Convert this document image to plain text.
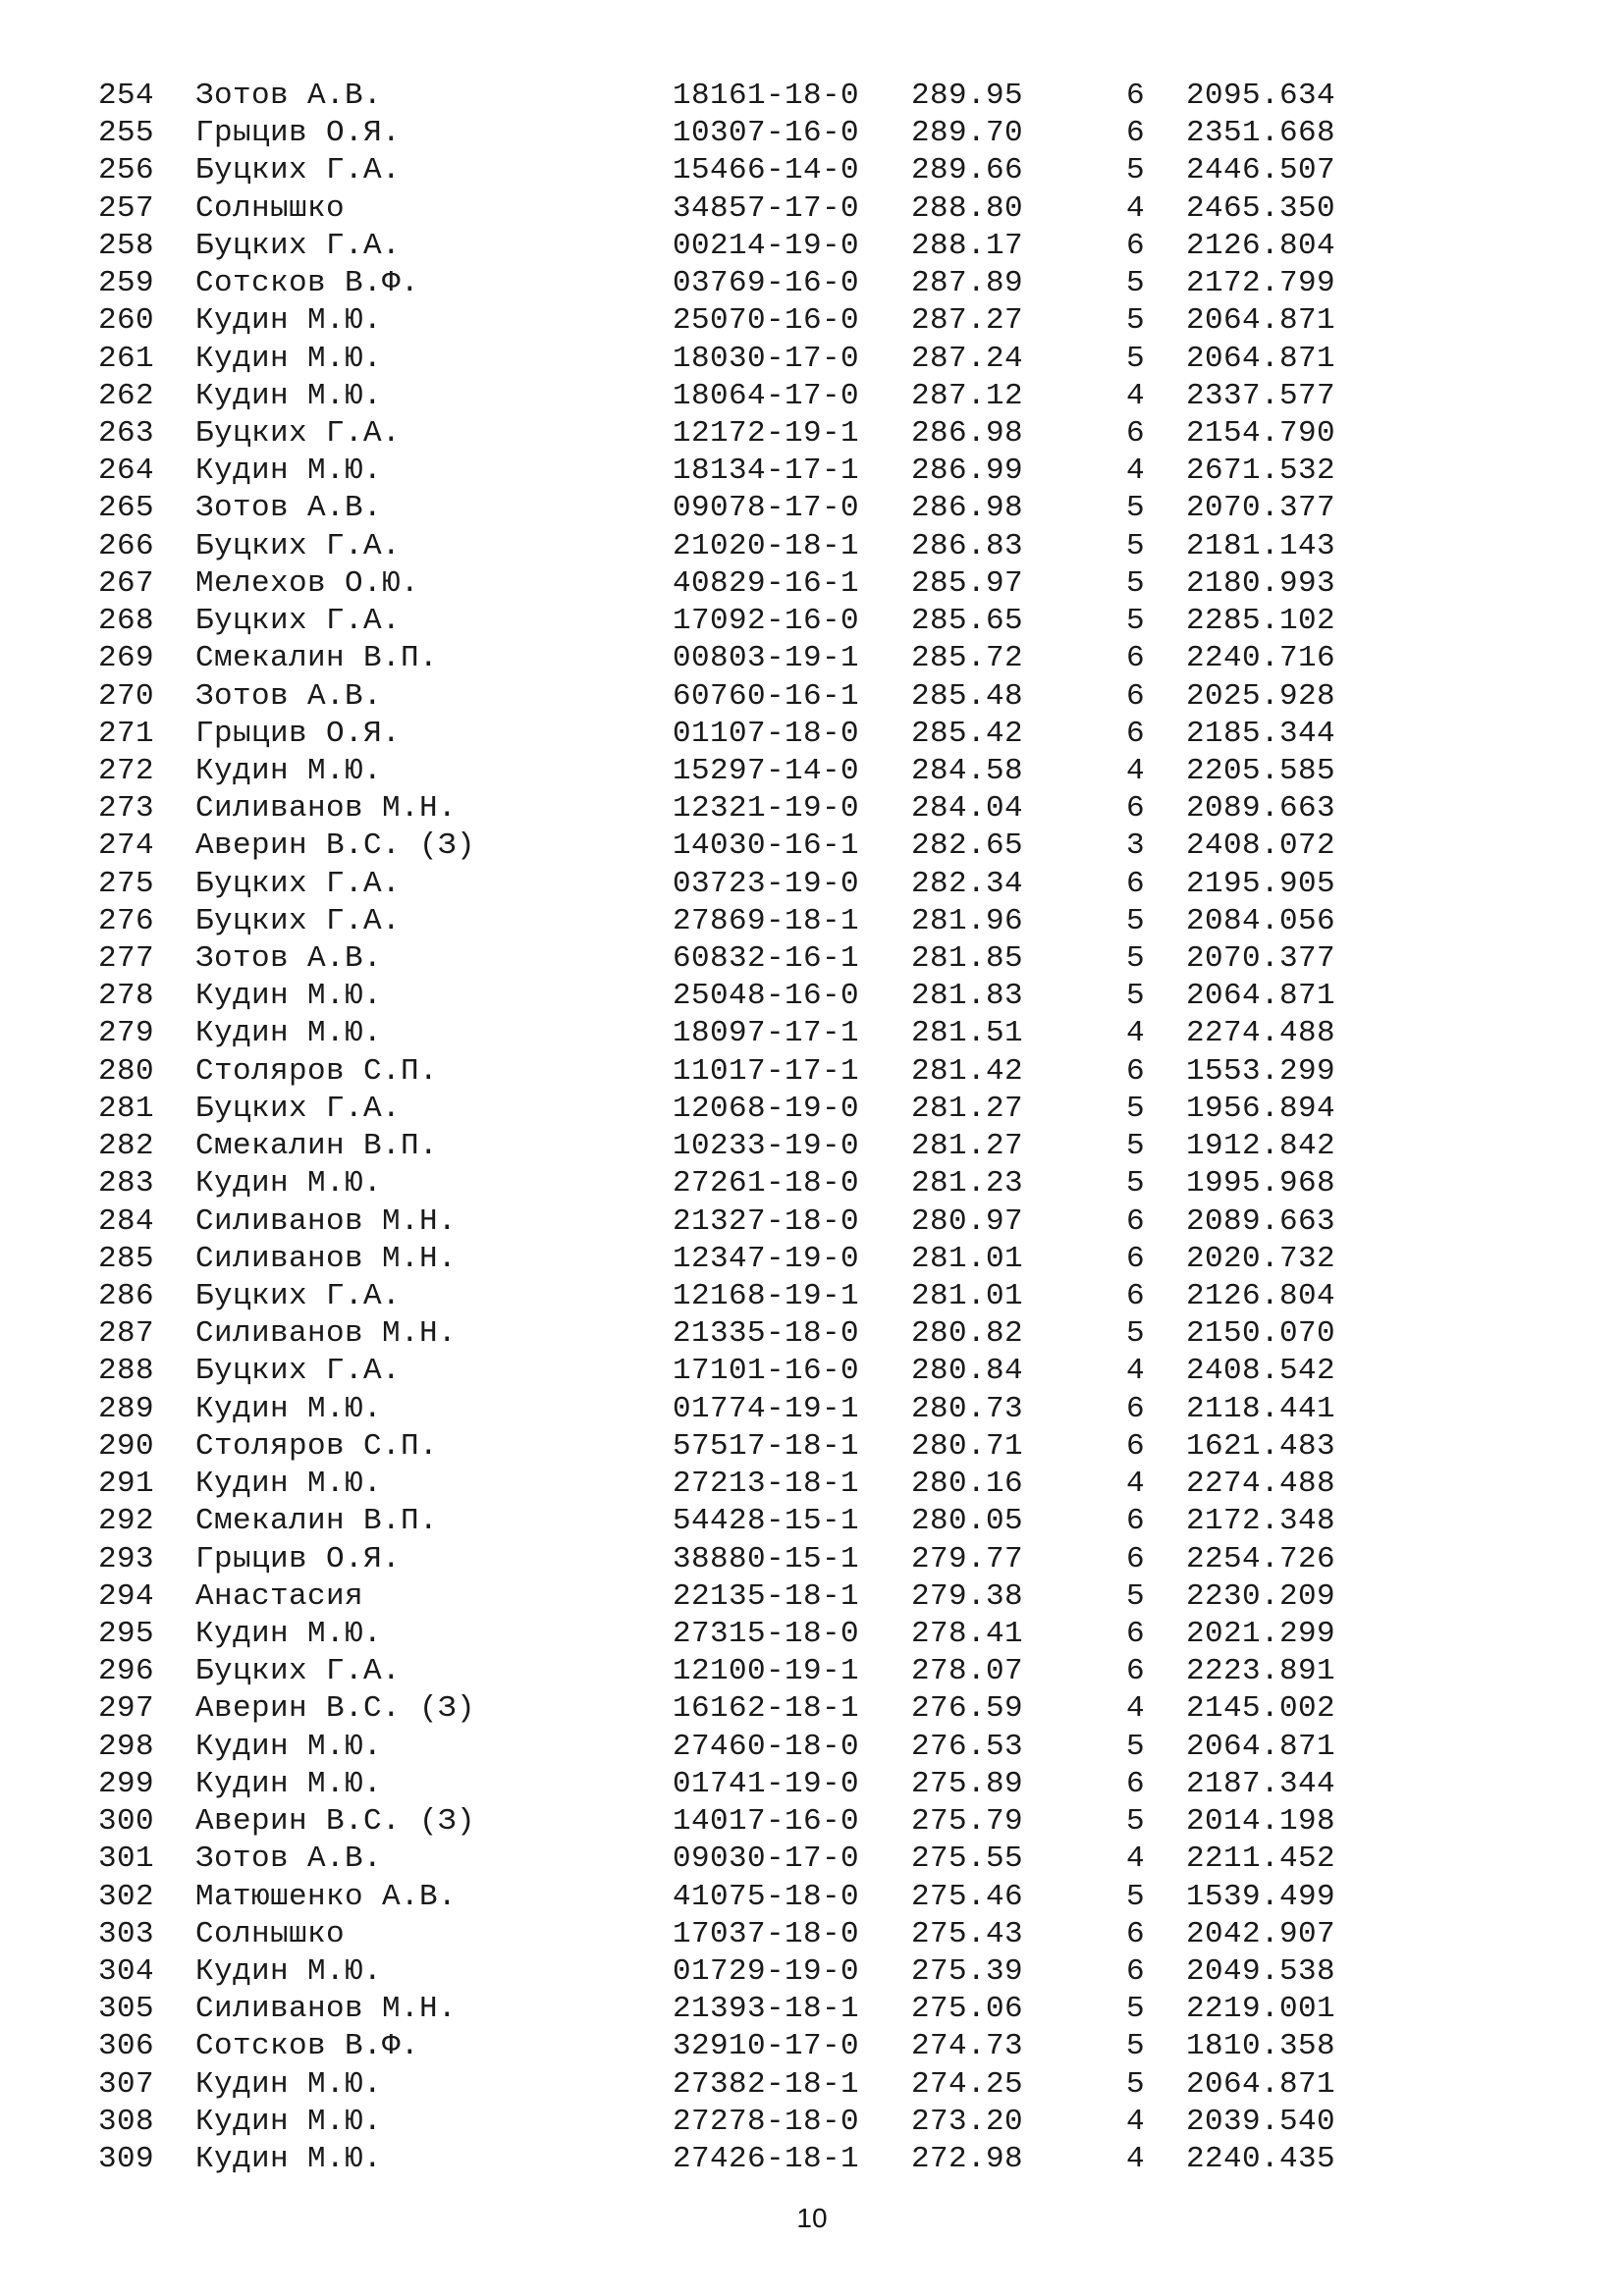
254 Зотов А.В.	18161-18-0 289.95	6 2095.634
255 Грыцив О.Я.	10307-16-0 289.70	6 2351.668
256 Буцких Г.А.	15466-14-0 289.66	5 2446.507
257 Солнышко	34857-17-0 288.80	4 2465.350
258 Буцких Г.А.	00214-19-0 288.17	6 2126.804
259 Сотсков В.Ф.	03769-16-0 287.89	5 2172.799
260 Кудин М.Ю.	25070-16-0 287.27	5 2064.871
261 Кудин М.Ю.	18030-17-0 287.24	5 2064.871
262 Кудин М.Ю.	18064-17-0 287.12	4 2337.577
263 Буцких Г.А.	12172-19-1 286.98	6 2154.790
264 Кудин М.Ю.	18134-17-1 286.99	4 2671.532
265 Зотов А.В.	09078-17-0 286.98	5 2070.377
266 Буцких Г.А.	21020-18-1 286.83	5 2181.143
267 Мелехов О.Ю.	40829-16-1 285.97	5 2180.993
268 Буцких Г.А.	17092-16-0 285.65	5 2285.102
269 Смекалин В.П.	00803-19-1 285.72	6 2240.716
270 Зотов А.В.	60760-16-1 285.48	6 2025.928
271 Грыцив О.Я.	01107-18-0 285.42	6 2185.344
272 Кудин М.Ю.	15297-14-0 284.58	4 2205.585
273 Силиванов М.Н.	12321-19-0 284.04	6 2089.663
274 Аверин В.С. (З)	14030-16-1 282.65	3 2408.072
275 Буцких Г.А.	03723-19-0 282.34	6 2195.905
276 Буцких Г.А.	27869-18-1 281.96	5 2084.056
277 Зотов А.В.	60832-16-1 281.85	5 2070.377
278 Кудин М.Ю.	25048-16-0 281.83	5 2064.871
279 Кудин М.Ю.	18097-17-1 281.51	4 2274.488
280 Столяров С.П.	11017-17-1 281.42	6 1553.299
281 Буцких Г.А.	12068-19-0 281.27	5 1956.894
282 Смекалин В.П.	10233-19-0 281.27	5 1912.842
283 Кудин М.Ю.	27261-18-0 281.23	5 1995.968
284 Силиванов М.Н.	21327-18-0 280.97	6 2089.663
285 Силиванов М.Н.	12347-19-0 281.01	6 2020.732
286 Буцких Г.А.	12168-19-1 281.01	6 2126.804
287 Силиванов М.Н.	21335-18-0 280.82	5 2150.070
288 Буцких Г.А.	17101-16-0 280.84	4 2408.542
289 Кудин М.Ю.	01774-19-1 280.73	6 2118.441
290 Столяров С.П.	57517-18-1 280.71	6 1621.483
291 Кудин М.Ю.	27213-18-1 280.16	4 2274.488
292 Смекалин В.П.	54428-15-1 280.05	6 2172.348
293 Грыцив О.Я.	38880-15-1 279.77	6 2254.726
294 Анастасия	22135-18-1 279.38	5 2230.209
295 Кудин М.Ю.	27315-18-0 278.41	6 2021.299
296 Буцких Г.А.	12100-19-1 278.07	6 2223.891
297 Аверин В.С. (З)	16162-18-1 276.59	4 2145.002
298 Кудин М.Ю.	27460-18-0 276.53	5 2064.871
299 Кудин М.Ю.	01741-19-0 275.89	6 2187.344
300 Аверин В.С. (З)	14017-16-0 275.79	5 2014.198
301 Зотов А.В.	09030-17-0 275.55	4 2211.452
302 Матюшенко А.В.	41075-18-0 275.46	5 1539.499
303 Солнышко	17037-18-0 275.43	6 2042.907
304 Кудин М.Ю.	01729-19-0 275.39	6 2049.538
305 Силиванов М.Н.	21393-18-1 275.06	5 2219.001
306 Сотсков В.Ф.	32910-17-0 274.73	5 1810.358
307 Кудин М.Ю.	27382-18-1 274.25	5 2064.871
308 Кудин М.Ю.	27278-18-0 273.20	4 2039.540
309 Кудин М.Ю.	27426-18-1 272.98	4 2240.435
10
